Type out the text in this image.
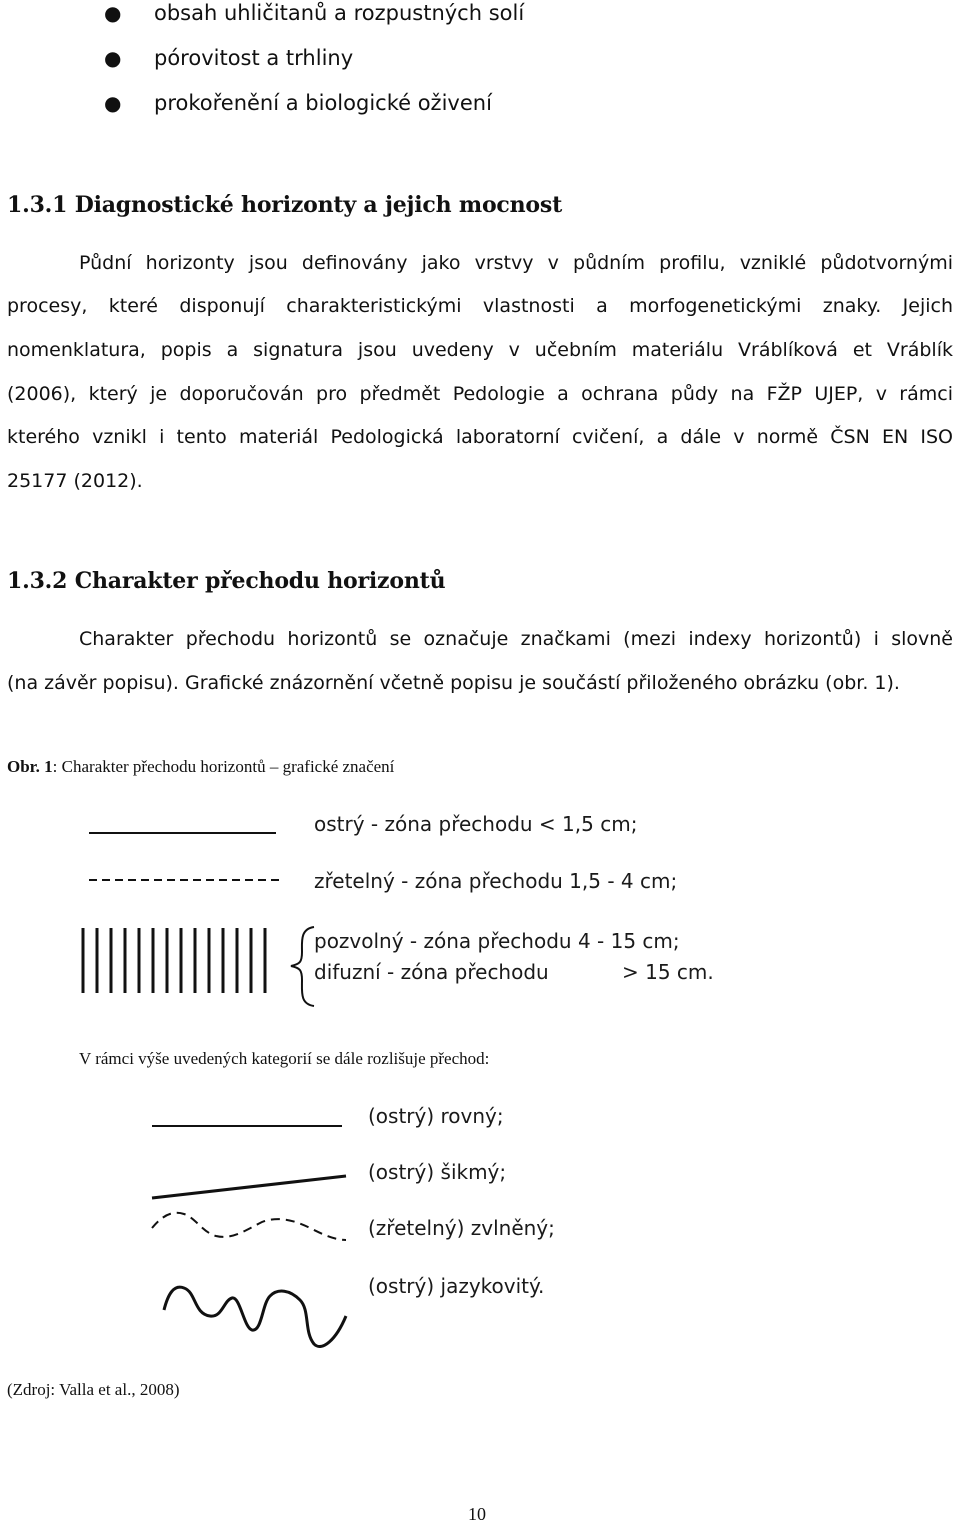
●	obsah uhličitanů a rozpustných solí
●	pórovitost a trhliny
●	prokořenění a biologické oživení
1.3.1 Diagnostické horizonty a jejich mocnost
Půdní horizonty jsou definovány jako vrstvy v půdním profilu, vzniklé půdotvornými
procesy, které disponují charakteristickými vlastnosti a morfogenetickými znaky. Jejich
nomenklatura, popis a signatura jsou uvedeny v učebním materiálu Vráblíková et Vráblík
(2006), který je doporučován pro předmět Pedologie a ochrana půdy na FŽP UJEP, v rámci
kterého vznikl i tento materiál Pedologická laboratorní cvičení, a dále v normě ČSN EN ISO
25177 (2012).
1.3.2 Charakter přechodu horizontů
Charakter přechodu horizontů se označuje značkami (mezi indexy horizontů) i slovně
(na závěr popisu). Grafické znázornění včetně popisu je součástí přiloženého obrázku (obr. 1).
Obr. 1: Charakter přechodu horizontů – grafické značení
ostrý - zóna přechodu < 1,5 cm;
zřetelný - zóna přechodu 1,5 - 4 cm;
pozvolný - zóna přechodu 4 - 15 cm;
difuzní - zóna přechodu	> 15 cm.
V rámci výše uvedených kategorií se dále rozlišuje přechod:
(ostrý) rovný;
(ostrý) šikmý;
(zřetelný) zvlněný;
(ostrý) jazykovitý.
(Zdroj: Valla et al., 2008)
10
